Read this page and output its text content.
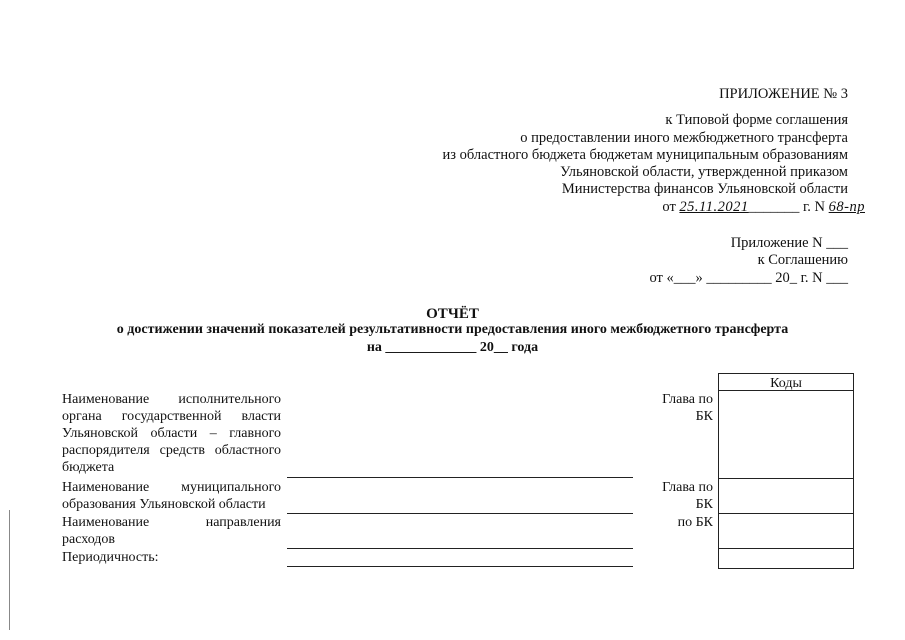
ПРИЛОЖЕНИЕ № 3
к Типовой форме соглашения
о предоставлении иного межбюджетного трансферта
из областного бюджета бюджетам муниципальным образованиям
Ульяновской области, утвержденной приказом
Министерства финансов Ульяновской области
от 25.11.2021_______ г. N 68-пр
Приложение N ___
к Соглашению
от «___» _________ 20_ г. N ___
ОТЧЁТ
о достижении значений показателей результативности предоставления иного межбюджетного трансферта
на _____________ 20__ года
Наименование исполнительного
органа государственной власти
Ульяновской области – главного
распорядителя средств областного
бюджета
Наименование муниципального
образования Ульяновской области
Наименование направления
расходов
Периодичность:
Глава по
БК
Глава по
БК
по БК
Коды
